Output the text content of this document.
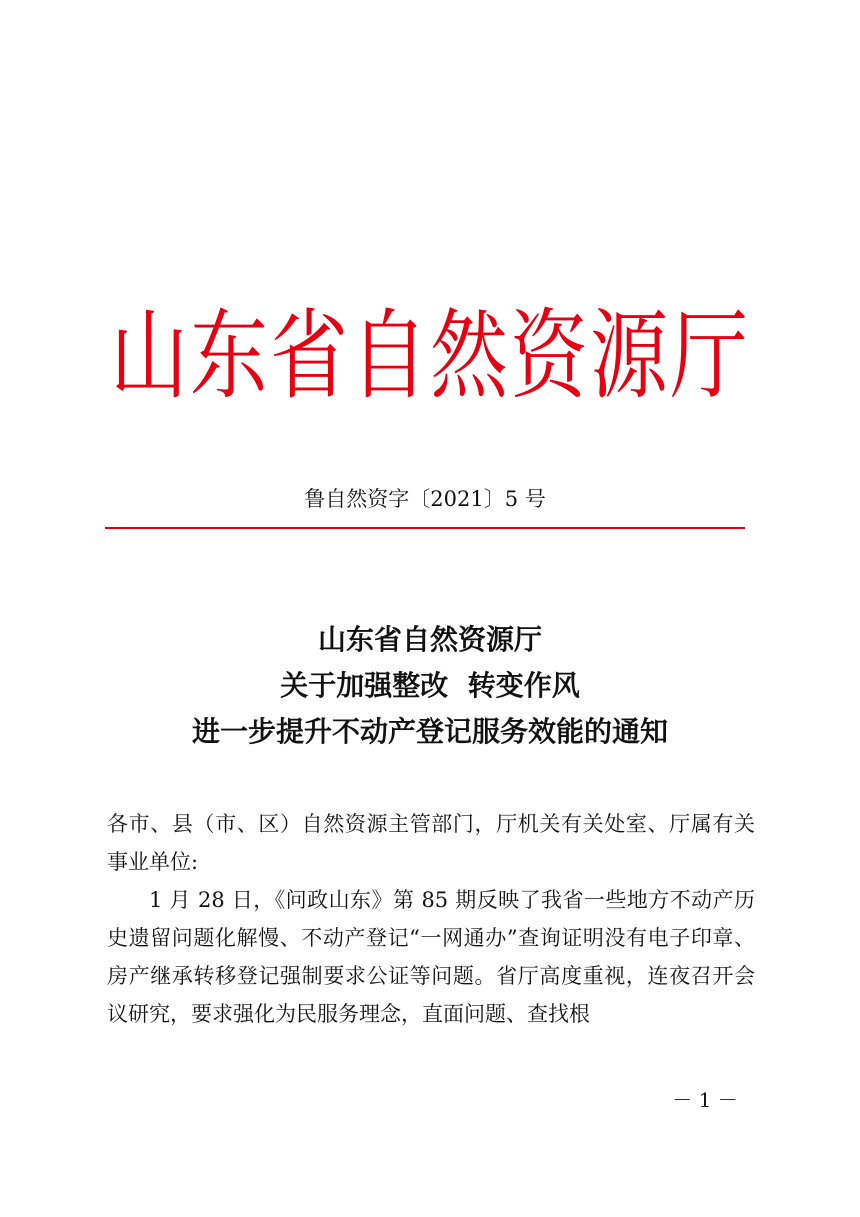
山东省自然资源厅
鲁自然资字〔2021〕5 号
山东省自然资源厅
关于加强整改  转变作风
进一步提升不动产登记服务效能的通知

各市、县（市、区）自然资源主管部门，厅机关有关处室、厅属有关事业单位:

1 月 28 日，《问政山东》第 85 期反映了我省一些地方不动产历史遗留问题化解慢、不动产登记“一网通办”查询证明没有电子印章、房产继承转移登记强制要求公证等问题。省厅高度重视，连夜召开会议研究，要求强化为民服务理念，直面问题、查找根

－ 1 －
